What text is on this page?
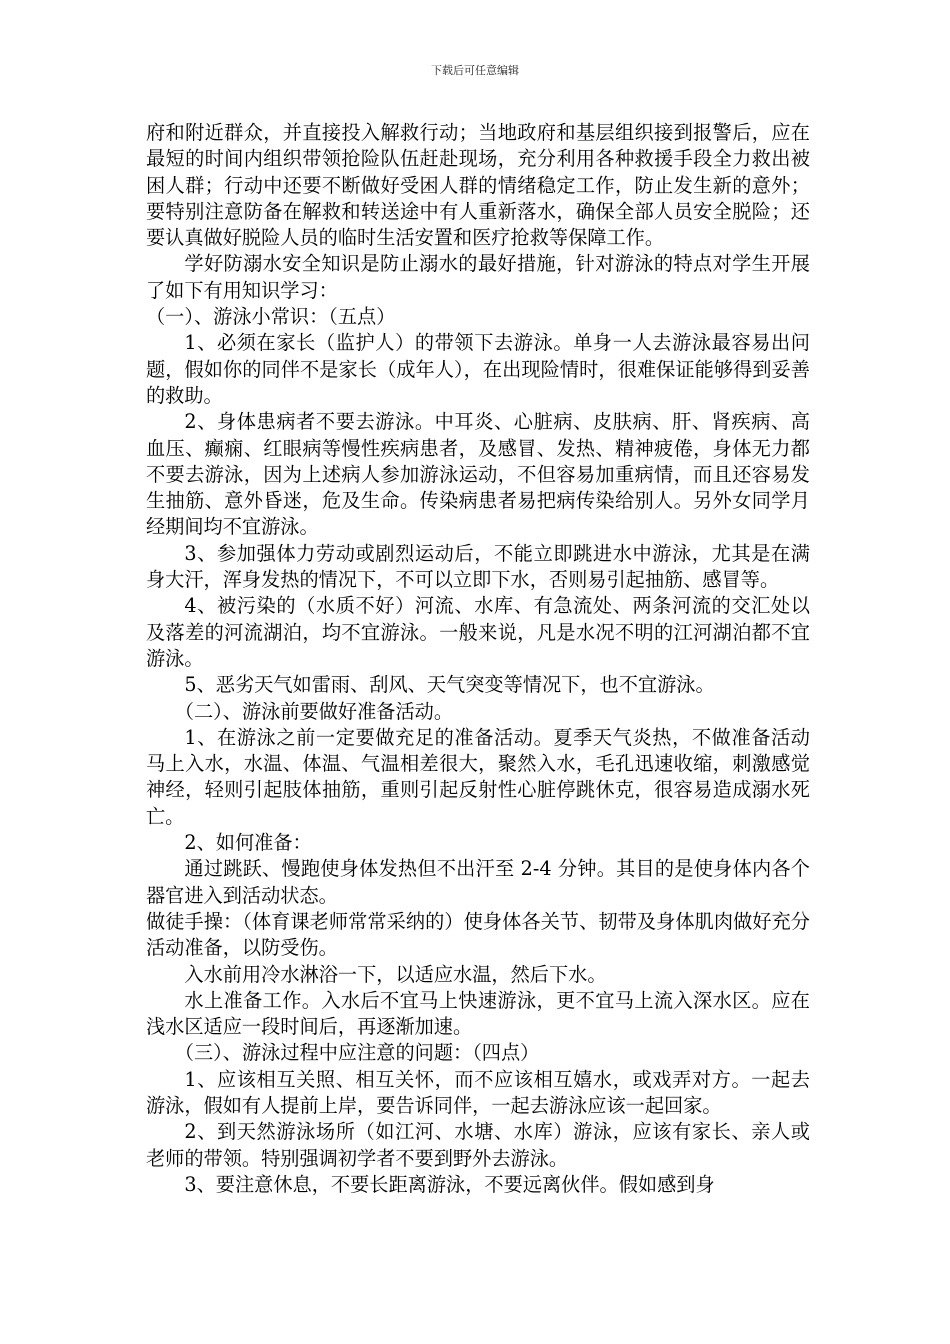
下载后可任意编辑

府和附近群众，并直接投入解救行动；当地政府和基层组织接到报警后，应在最短的时间内组织带领抢险队伍赶赴现场，充分利用各种救援手段全力救出被困人群；行动中还要不断做好受困人群的情绪稳定工作，防止发生新的意外；要特别注意防备在解救和转送途中有人重新落水，确保全部人员安全脱险；还要认真做好脱险人员的临时生活安置和医疗抢救等保障工作。

学好防溺水安全知识是防止溺水的最好措施，针对游泳的特点对学生开展了如下有用知识学习：

（一）、游泳小常识：（五点）

1、必须在家长（监护人）的带领下去游泳。单身一人去游泳最容易出问题，假如你的同伴不是家长（成年人），在出现险情时，很难保证能够得到妥善的救助。

2、身体患病者不要去游泳。中耳炎、心脏病、皮肤病、肝、肾疾病、高血压、癫痫、红眼病等慢性疾病患者，及感冒、发热、精神疲倦，身体无力都不要去游泳，因为上述病人参加游泳运动，不但容易加重病情，而且还容易发生抽筋、意外昏迷，危及生命。传染病患者易把病传染给别人。另外女同学月经期间均不宜游泳。

3、参加强体力劳动或剧烈运动后，不能立即跳进水中游泳，尤其是在满身大汗，浑身发热的情况下，不可以立即下水，否则易引起抽筋、感冒等。

4、被污染的（水质不好）河流、水库、有急流处、两条河流的交汇处以及落差的河流湖泊，均不宜游泳。一般来说，凡是水况不明的江河湖泊都不宜游泳。

5、恶劣天气如雷雨、刮风、天气突变等情况下，也不宜游泳。

（二）、游泳前要做好准备活动。

1、在游泳之前一定要做充足的准备活动。夏季天气炎热，不做准备活动马上入水，水温、体温、气温相差很大，聚然入水，毛孔迅速收缩，刺激感觉神经，轻则引起肢体抽筋，重则引起反射性心脏停跳休克，很容易造成溺水死亡。

2、如何准备：

通过跳跃、慢跑使身体发热但不出汗至 2-4 分钟。其目的是使身体内各个器官进入到活动状态。

做徒手操：（体育课老师常常采纳的）使身体各关节、韧带及身体肌肉做好充分活动准备，以防受伤。

入水前用冷水淋浴一下，以适应水温，然后下水。

水上准备工作。入水后不宜马上快速游泳，更不宜马上流入深水区。应在浅水区适应一段时间后，再逐渐加速。

（三）、游泳过程中应注意的问题：（四点）

1、应该相互关照、相互关怀，而不应该相互嬉水，或戏弄对方。一起去游泳，假如有人提前上岸，要告诉同伴，一起去游泳应该一起回家。

2、到天然游泳场所（如江河、水塘、水库）游泳，应该有家长、亲人或老师的带领。特别强调初学者不要到野外去游泳。

3、要注意休息，不要长距离游泳，不要远离伙伴。假如感到身
